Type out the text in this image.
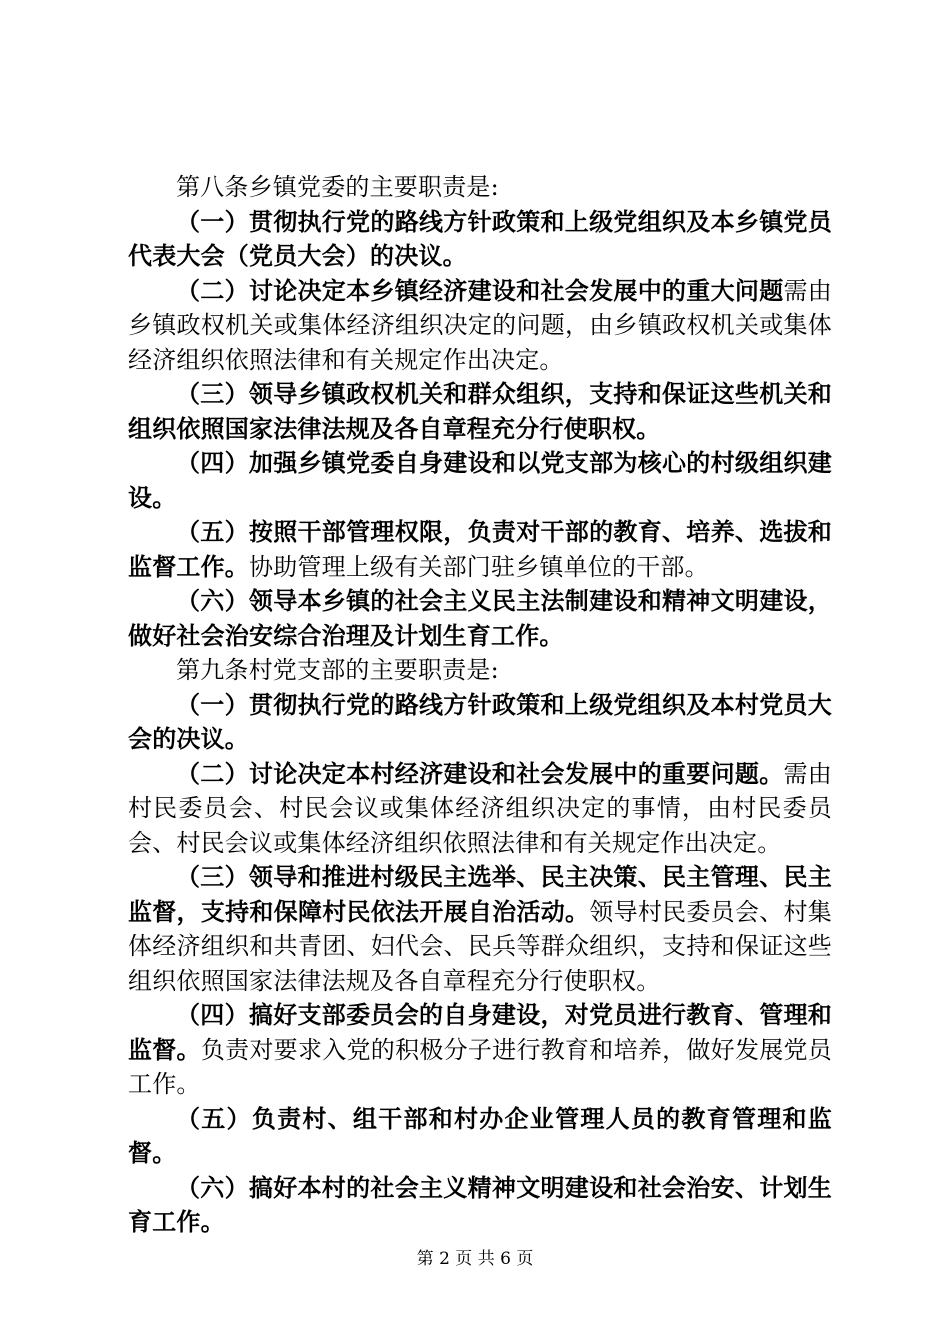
第八条乡镇党委的主要职责是:

（一）贯彻执行党的路线方针政策和上级党组织及本乡镇党员代表大会（党员大会）的决议。

（二）讨论决定本乡镇经济建设和社会发展中的重大问题需由乡镇政权机关或集体经济组织决定的问题，由乡镇政权机关或集体经济组织依照法律和有关规定作出决定。

（三）领导乡镇政权机关和群众组织，支持和保证这些机关和组织依照国家法律法规及各自章程充分行使职权。

（四）加强乡镇党委自身建设和以党支部为核心的村级组织建设。

（五）按照干部管理权限，负责对干部的教育、培养、选拔和监督工作。协助管理上级有关部门驻乡镇单位的干部。

（六）领导本乡镇的社会主义民主法制建设和精神文明建设，做好社会治安综合治理及计划生育工作。

第九条村党支部的主要职责是:

（一）贯彻执行党的路线方针政策和上级党组织及本村党员大会的决议。

（二）讨论决定本村经济建设和社会发展中的重要问题。需由村民委员会、村民会议或集体经济组织决定的事情，由村民委员会、村民会议或集体经济组织依照法律和有关规定作出决定。

（三）领导和推进村级民主选举、民主决策、民主管理、民主监督，支持和保障村民依法开展自治活动。领导村民委员会、村集体经济组织和共青团、妇代会、民兵等群众组织，支持和保证这些组织依照国家法律法规及各自章程充分行使职权。

（四）搞好支部委员会的自身建设，对党员进行教育、管理和监督。负责对要求入党的积极分子进行教育和培养，做好发展党员工作。

（五）负责村、组干部和村办企业管理人员的教育管理和监督。

（六）搞好本村的社会主义精神文明建设和社会治安、计划生育工作。

第 2 页 共 6 页
